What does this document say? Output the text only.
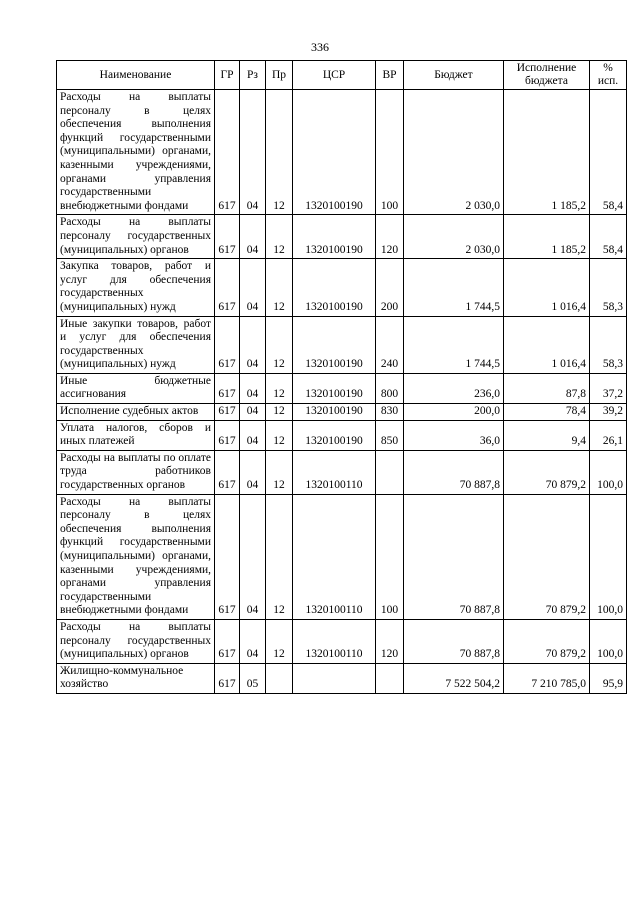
336
Наименование	ГР	Рз	Пр	ЦСР	ВР	Бюджет	Исполнение бюджета	% исп.
Расходы на выплаты персоналу в целях обеспечения выполнения функций государственными (муниципальными) органами, казенными учреждениями, органами управления государственными внебюджетными фондами	617	04	12	1320100190	100	2 030,0	1 185,2	58,4
Расходы на выплаты персоналу государственных (муниципальных) органов	617	04	12	1320100190	120	2 030,0	1 185,2	58,4
Закупка товаров, работ и услуг для обеспечения государственных (муниципальных) нужд	617	04	12	1320100190	200	1 744,5	1 016,4	58,3
Иные закупки товаров, работ и услуг для обеспечения государственных (муниципальных) нужд	617	04	12	1320100190	240	1 744,5	1 016,4	58,3
Иные бюджетные ассигнования	617	04	12	1320100190	800	236,0	87,8	37,2
Исполнение судебных актов	617	04	12	1320100190	830	200,0	78,4	39,2
Уплата налогов, сборов и иных платежей	617	04	12	1320100190	850	36,0	9,4	26,1
Расходы на выплаты по оплате труда работников государственных органов	617	04	12	1320100110		70 887,8	70 879,2	100,0
Расходы на выплаты персоналу в целях обеспечения выполнения функций государственными (муниципальными) органами, казенными учреждениями, органами управления государственными внебюджетными фондами	617	04	12	1320100110	100	70 887,8	70 879,2	100,0
Расходы на выплаты персоналу государственных (муниципальных) органов	617	04	12	1320100110	120	70 887,8	70 879,2	100,0
Жилищно-коммунальное хозяйство	617	05				7 522 504,2	7 210 785,0	95,9
